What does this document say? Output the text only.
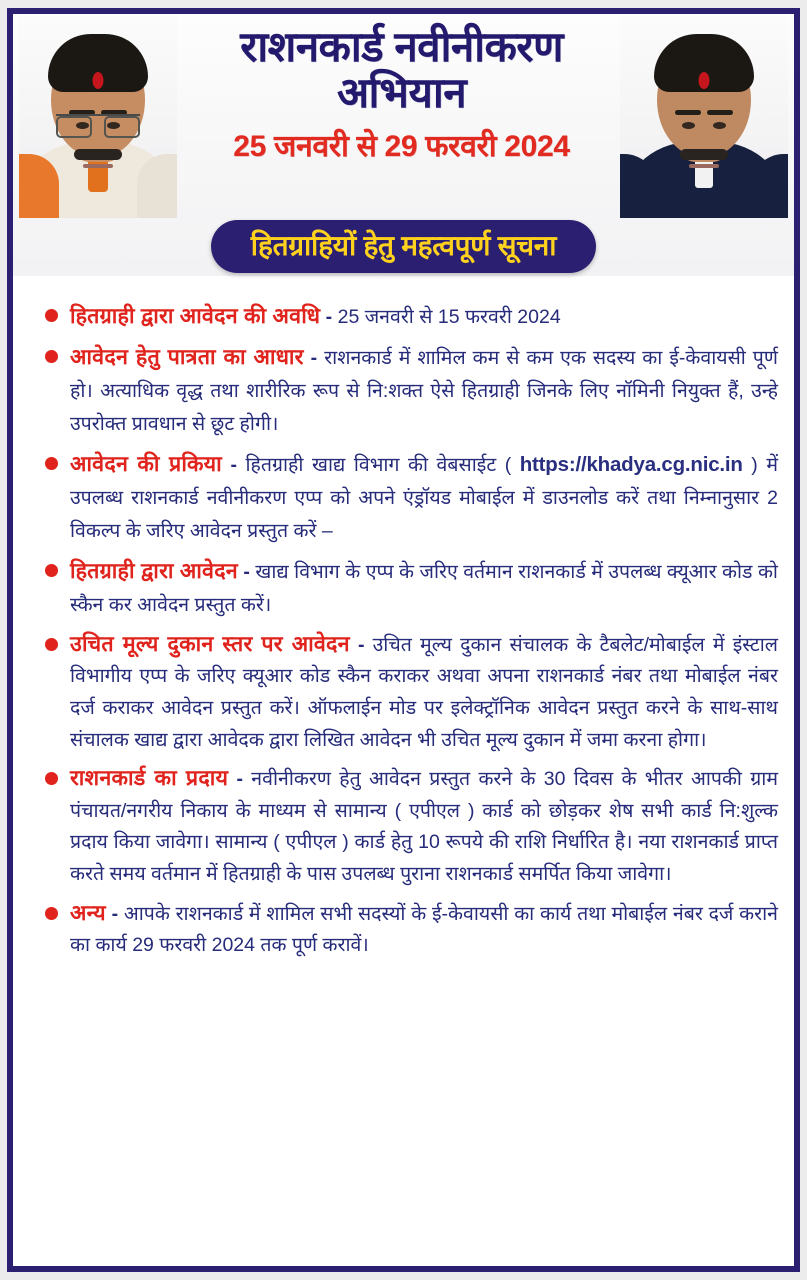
राशनकार्ड नवीनीकरण
अभियान
25 जनवरी से 29 फरवरी 2024
हितग्राहियों हेतु महत्वपूर्ण सूचना
हितग्राही द्वारा आवेदन की अवधि - 25 जनवरी से 15 फरवरी 2024
आवेदन हेतु पात्रता का आधार - राशनकार्ड में शामिल कम से कम एक सदस्य का ई-केवायसी पूर्ण हो। अत्याधिक वृद्ध तथा शारीरिक रूप से नि:शक्त ऐसे हितग्राही जिनके लिए नॉमिनी नियुक्त हैं, उन्हे उपरोक्त प्रावधान से छूट होगी।
आवेदन की प्रकिया - हितग्राही खाद्य विभाग की वेबसाईट ( https://khadya.cg.nic.in ) में उपलब्ध राशनकार्ड नवीनीकरण एप्प को अपने एंड्रॉयड मोबाईल में डाउनलोड करें तथा निम्नानुसार 2 विकल्प के जरिए आवेदन प्रस्तुत करें –
हितग्राही द्वारा आवेदन - खाद्य विभाग के एप्प के जरिए वर्तमान राशनकार्ड में उपलब्ध क्यूआर कोड को स्कैन कर आवेदन प्रस्तुत करें।
उचित मूल्य दुकान स्तर पर आवेदन - उचित मूल्य दुकान संचालक के टैबलेट/मोबाईल में इंस्टाल विभागीय एप्प के जरिए क्यूआर कोड स्कैन कराकर अथवा अपना राशनकार्ड नंबर तथा मोबाईल नंबर दर्ज कराकर आवेदन प्रस्तुत करें। ऑफलाईन मोड पर इलेक्ट्रॉनिक आवेदन प्रस्तुत करने के साथ-साथ संचालक खाद्य द्वारा आवेदक द्वारा लिखित आवेदन भी उचित मूल्य दुकान में जमा करना होगा।
राशनकार्ड का प्रदाय - नवीनीकरण हेतु आवेदन प्रस्तुत करने के 30 दिवस के भीतर आपकी ग्राम पंचायत/नगरीय निकाय के माध्यम से सामान्य ( एपीएल ) कार्ड को छोड़कर शेष सभी कार्ड नि:शुल्क प्रदाय किया जावेगा। सामान्य ( एपीएल ) कार्ड हेतु 10 रूपये की राशि निर्धारित है। नया राशनकार्ड प्राप्त करते समय वर्तमान में हितग्राही के पास उपलब्ध पुराना राशनकार्ड समर्पित किया जावेगा।
अन्य - आपके राशनकार्ड में शामिल सभी सदस्यों के ई-केवायसी का कार्य तथा मोबाईल नंबर दर्ज कराने का कार्य 29 फरवरी 2024 तक पूर्ण करावें।
